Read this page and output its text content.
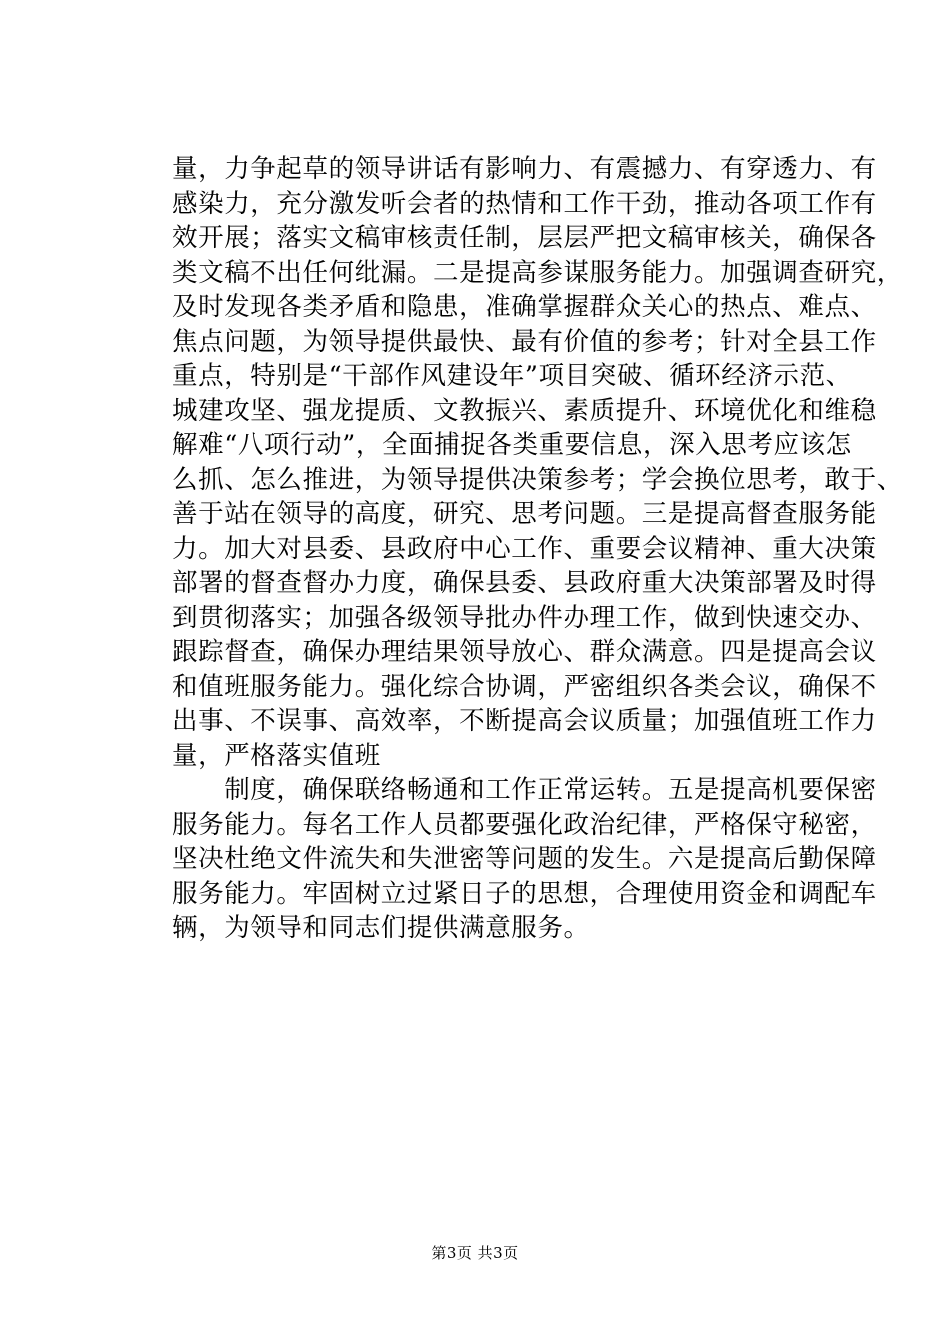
量，力争起草的领导讲话有影响力、有震撼力、有穿透力、有
感染力，充分激发听会者的热情和工作干劲，推动各项工作有
效开展；落实文稿审核责任制，层层严把文稿审核关，确保各
类文稿不出任何纰漏。二是提高参谋服务能力。加强调查研究，
及时发现各类矛盾和隐患，准确掌握群众关心的热点、难点、
焦点问题，为领导提供最快、最有价值的参考；针对全县工作
重点，特别是“干部作风建设年”项目突破、循环经济示范、
城建攻坚、强龙提质、文教振兴、素质提升、环境优化和维稳
解难“八项行动”，全面捕捉各类重要信息，深入思考应该怎
么抓、怎么推进，为领导提供决策参考；学会换位思考，敢于、
善于站在领导的高度，研究、思考问题。三是提高督查服务能
力。加大对县委、县政府中心工作、重要会议精神、重大决策
部署的督查督办力度，确保县委、县政府重大决策部署及时得
到贯彻落实；加强各级领导批办件办理工作，做到快速交办、
跟踪督查，确保办理结果领导放心、群众满意。四是提高会议
和值班服务能力。强化综合协调，严密组织各类会议，确保不
出事、不误事、高效率，不断提高会议质量；加强值班工作力
量，严格落实值班
　　制度，确保联络畅通和工作正常运转。五是提高机要保密
服务能力。每名工作人员都要强化政治纪律，严格保守秘密，
坚决杜绝文件流失和失泄密等问题的发生。六是提高后勤保障
服务能力。牢固树立过紧日子的思想，合理使用资金和调配车
辆，为领导和同志们提供满意服务。
第3页 共3页
